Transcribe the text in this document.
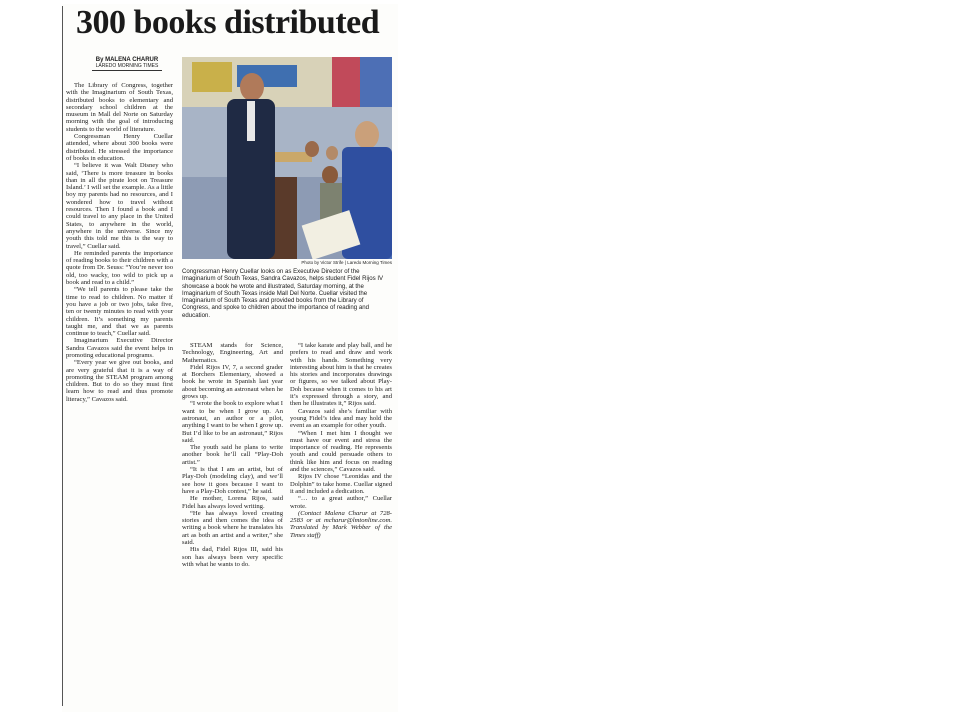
300 books distributed
By MALENA CHARUR
LAREDO MORNING TIMES

The Library of Congress, together with the Imaginarium of South Texas, distributed books to elementary and secondary school children at the museum in Mall del Norte on Saturday morning with the goal of introducing students to the world of literature.

Congressman Henry Cuellar attended, where about 300 books were distributed. He stressed the importance of books in education.

“I believe it was Walt Disney who said, ‘There is more treasure in books than in all the pirate loot on Treasure Island.’ I will set the example. As a little boy my parents had no resources, and I wondered how to travel without resources. Then I found a book and I could travel to any place in the United States, to anywhere in the world, anywhere in the universe. Since my youth this told me this is the way to travel,” Cuellar said.

He reminded parents the importance of reading books to their children with a quote from Dr. Seuss: “You’re never too old, too wacky, too wild to pick up a book and read to a child.”

“We tell parents to please take the time to read to children. No matter if you have a job or two jobs, take five, ten or twenty minutes to read with your children. It’s something my parents taught me, and that we as parents continue to teach,” Cuellar said.

Imaginarium Executive Director Sandra Cavazos said the event helps in promoting educational programs.

“Every year we give out books, and are very grateful that it is a way of promoting the STEAM program among children. But to do so they must first learn how to read and thus promote literacy,” Cavazos said.

Photo by Victor Strife | Laredo Morning Times
Congressman Henry Cuellar looks on as Executive Director of the Imaginarium of South Texas, Sandra Cavazos, helps student Fidel Rijos IV showcase a book he wrote and illustrated, Saturday morning, at the Imaginarium of South Texas inside Mall Del Norte. Cuellar visited the Imaginarium of South Texas and provided books from the Library of Congress, and spoke to children about the importance of reading and education.

STEAM stands for Science, Technology, Engineering, Art and Mathematics.

Fidel Rijos IV, 7, a second grader at Borchers Elementary, showed a book he wrote in Spanish last year about becoming an astronaut when he grows up.

“I wrote the book to explore what I want to be when I grow up. An astronaut, an author or a pilot, anything I want to be when I grow up. But I’d like to be an astronaut,” Rijos said.

The youth said he plans to write another book he’ll call “Play-Doh artist.”

“It is that I am an artist, but of Play-Doh (modeling clay), and we’ll see how it goes because I want to have a Play-Doh contest,” he said.

He mother, Lorena Rijos, said Fidel has always loved writing.

“He has always loved creating stories and then comes the idea of writing a book where he translates his art as both an artist and a writer,” she said.

His dad, Fidel Rijos III, said his son has always been very specific with what he wants to do.

“I take karate and play ball, and he prefers to read and draw and work with his hands. Something very interesting about him is that he creates his stories and incorporates drawings or figures, so we talked about Play-Doh because when it comes to his art it’s expressed through a story, and then he illustrates it,” Rijos said.

Cavazos said she’s familiar with young Fidel’s idea and may hold the event as an example for other youth.

“When I met him I thought we must have our event and stress the importance of reading. He represents youth and could persuade others to think like him and focus on reading and the sciences,” Cavazos said.

Rijos IV chose “Leonidas and the Dolphin” to take home. Cuellar signed it and included a dedication.

“… to a great author,” Cuellar wrote.

(Contact Malena Charur at 728-2583 or at mcharur@lmtonline.com. Translated by Mark Webber of the Times staff)
